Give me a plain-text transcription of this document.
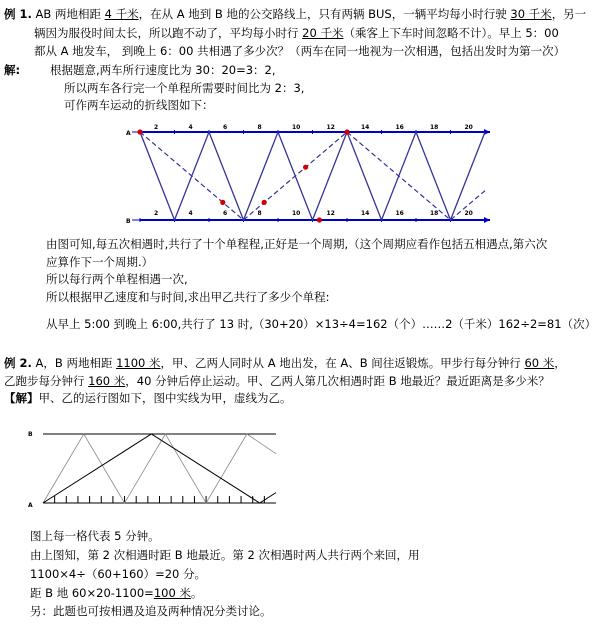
例 1. AB 两地相距 4 千米，在从 A 地到 B 地的公交路线上，只有两辆 BUS，一辆平均每小时行驶 30 千米，另一
辆因为服役时间太长，所以跑不动了，平均每小时行 20 千米（乘客上下车时间忽略不计）。早上 5：00
都从 A 地发车， 到晚上 6：00 共相遇了多少次？（两车在同一地视为一次相遇，包括出发时为第一次）
解:	根据题意,两车所行速度比为 30：20=3：2,
所以两车各行完一个单程所需要时间比为 2：3,
可作两车运动的折线图如下：
A
B
2	4	6	8	10	12	14	16	18	20
2	4	6	8	10	12	14	16	18	20
A
B
由图可知,每五次相遇时,共行了十个单程程,正好是一个周期,（这个周期应看作包括五相遇点,第六次
应算作下一个周期.）
所以每行两个单程相遇一次,
所以根据甲乙速度和与时间,求出甲乙共行了多少个单程:
从早上 5:00 到晚上 6:00,共行了 13 时,（30+20）×13÷4=162（个）……2（千米）162÷2=81（次）
例 2. A，B 两地相距 1100 米，甲、乙两人同时从 A 地出发，在 A、B 间往返锻炼。甲步行每分钟行 60 米，
乙跑步每分钟行 160 米，40 分钟后停止运动。甲、乙两人第几次相遇时距 B 地最近？最近距离是多少米？
【解】甲、乙的运行图如下，图中实线为甲，虚线为乙。
图上每一格代表 5 分钟。
由上图知，第 2 次相遇时距 B 地最近。第 2 次相遇时两人共行两个来回，用
1100×4÷（60+160）=20 分。
距 B 地 60×20-1100=100 米。
另：此题也可按相遇及追及两种情况分类讨论。
